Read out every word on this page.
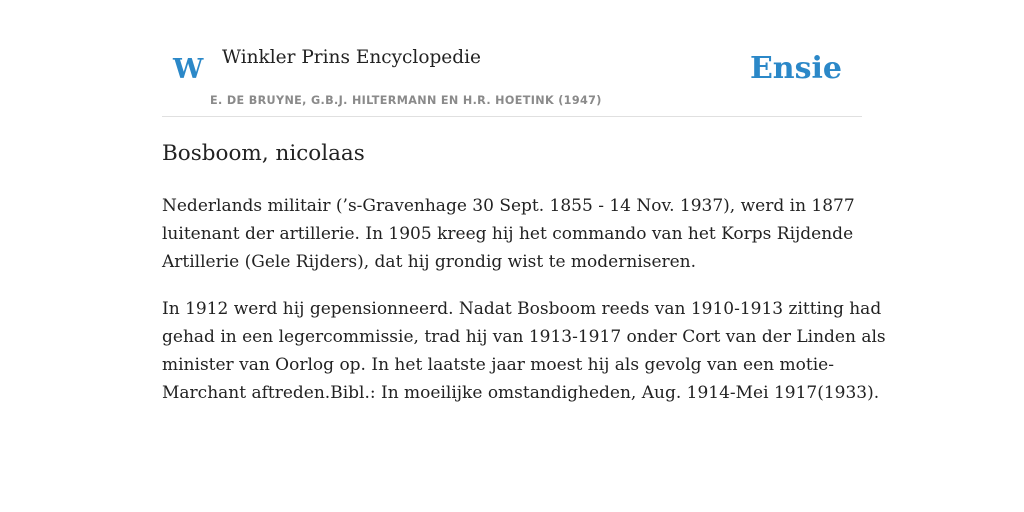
W Winkler Prins Encyclopedie
E. DE BRUYNE, G.B.J. HILTERMANN EN H.R. HOETINK (1947)
Ensie
Bosboom, nicolaas

Nederlands militair (’s-Gravenhage 30 Sept. 1855 - 14 Nov. 1937), werd in 1877
luitenant der artillerie. In 1905 kreeg hij het commando van het Korps Rijdende
Artillerie (Gele Rijders), dat hij grondig wist te moderniseren.

In 1912 werd hij gepensionneerd. Nadat Bosboom reeds van 1910-1913 zitting had
gehad in een legercommissie, trad hij van 1913-1917 onder Cort van der Linden als
minister van Oorlog op. In het laatste jaar moest hij als gevolg van een motie-
Marchant aftreden.Bibl.: In moeilijke omstandigheden, Aug. 1914-Mei 1917(1933).
